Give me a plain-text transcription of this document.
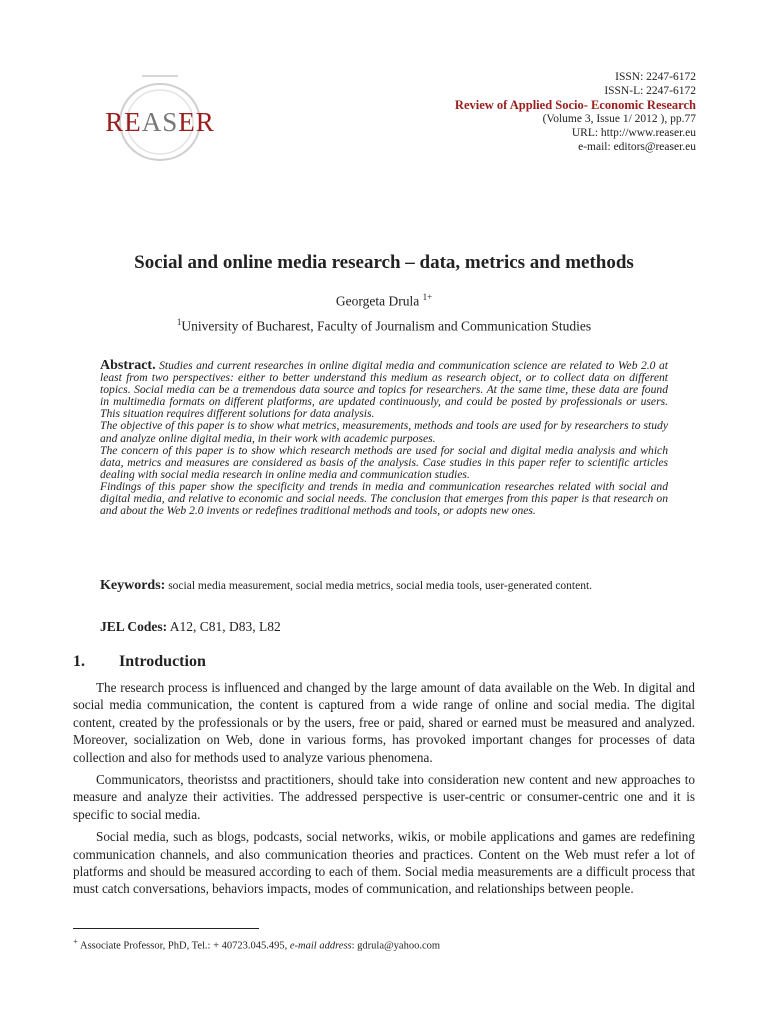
REASER
ISSN: 2247-6172
ISSN-L: 2247-6172
Review of Applied Socio- Economic Research
(Volume 3, Issue 1/ 2012 ), pp.77
URL: http://www.reaser.eu
e-mail: editors@reaser.eu
Social and online media research – data, metrics and methods
Georgeta Drula $^{1+}$
$^1$University of Bucharest, Faculty of Journalism and Communication Studies

Abstract. Studies and current researches in online digital media and communication science are related to Web 2.0 at least from two perspectives: either to better understand this medium as research object, or to collect data on different topics. Social media can be a tremendous data source and topics for researchers. At the same time, these data are found in multimedia formats on different platforms, are updated continuously, and could be posted by professionals or users. This situation requires different solutions for data analysis.

The objective of this paper is to show what metrics, measurements, methods and tools are used for by researchers to study and analyze online digital media, in their work with academic purposes.

The concern of this paper is to show which research methods are used for social and digital media analysis and which data, metrics and measures are considered as basis of the analysis. Case studies in this paper refer to scientific articles dealing with social media research in online media and communication studies.

Findings of this paper show the specificity and trends in media and communication researches related with social and digital media, and relative to economic and social needs. The conclusion that emerges from this paper is that research on and about the Web 2.0 invents or redefines traditional methods and tools, or adopts new ones.

Keywords: social media measurement, social media metrics, social media tools, user-generated content.
JEL Codes: A12, C81, D83, L82
1. Introduction

The research process is influenced and changed by the large amount of data available on the Web. In digital and social media communication, the content is captured from a wide range of online and social media. The digital content, created by the professionals or by the users, free or paid, shared or earned must be measured and analyzed. Moreover, socialization on Web, done in various forms, has provoked important changes for processes of data collection and also for methods used to analyze various phenomena.

Communicators, theoristss and practitioners, should take into consideration new content and new approaches to measure and analyze their activities. The addressed perspective is user-centric or consumer-centric one and it is specific to social media.

Social media, such as blogs, podcasts, social networks, wikis, or mobile applications and games are redefining communication channels, and also communication theories and practices. Content on the Web must refer a lot of platforms and should be measured according to each of them. Social media measurements are a difficult process that must catch conversations, behaviors impacts, modes of communication, and relationships between people.

+ Associate Professor, PhD, Tel.: + 40723.045.495, e-mail address: gdrula@yahoo.com
